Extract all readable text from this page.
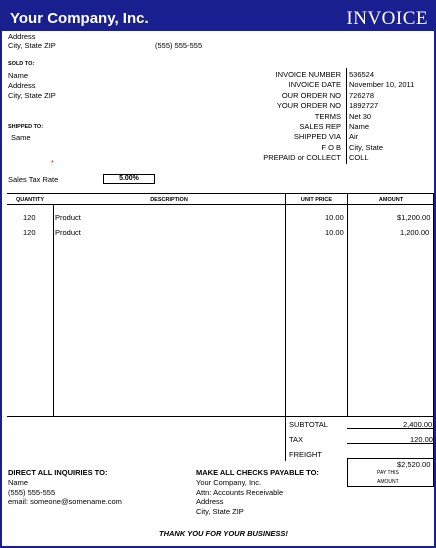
Your Company, Inc.	INVOICE
Address
City, State ZIP	(555) 555-555
SOLD TO:
Name
Address
City, State ZIP
SHIPPED TO:
Same
INVOICE NUMBER 536524
INVOICE DATE November 10, 2011
OUR ORDER NO 726278
YOUR ORDER NO 1892727
TERMS Net 30
SALES REP Name
SHIPPED VIA Air
F O B City, State
PREPAID or COLLECT COLL
*
Sales Tax Rate	5.00%
QUANTITY	DESCRIPTION	UNIT PRICE	AMOUNT
120	Product	10.00	$1,200.00
120	Product	10.00	1,200.00
SUBTOTAL	2,400.00
TAX	120.00
FREIGHT
$2,520.00
PAY THIS
AMOUNT
DIRECT ALL INQUIRIES TO:
Name
(555) 555-555
email: someone@somename.com
MAKE ALL CHECKS PAYABLE TO:
Your Company, Inc.
Attn: Accounts Receivable
Address
City, State ZIP
THANK YOU FOR YOUR BUSINESS!
